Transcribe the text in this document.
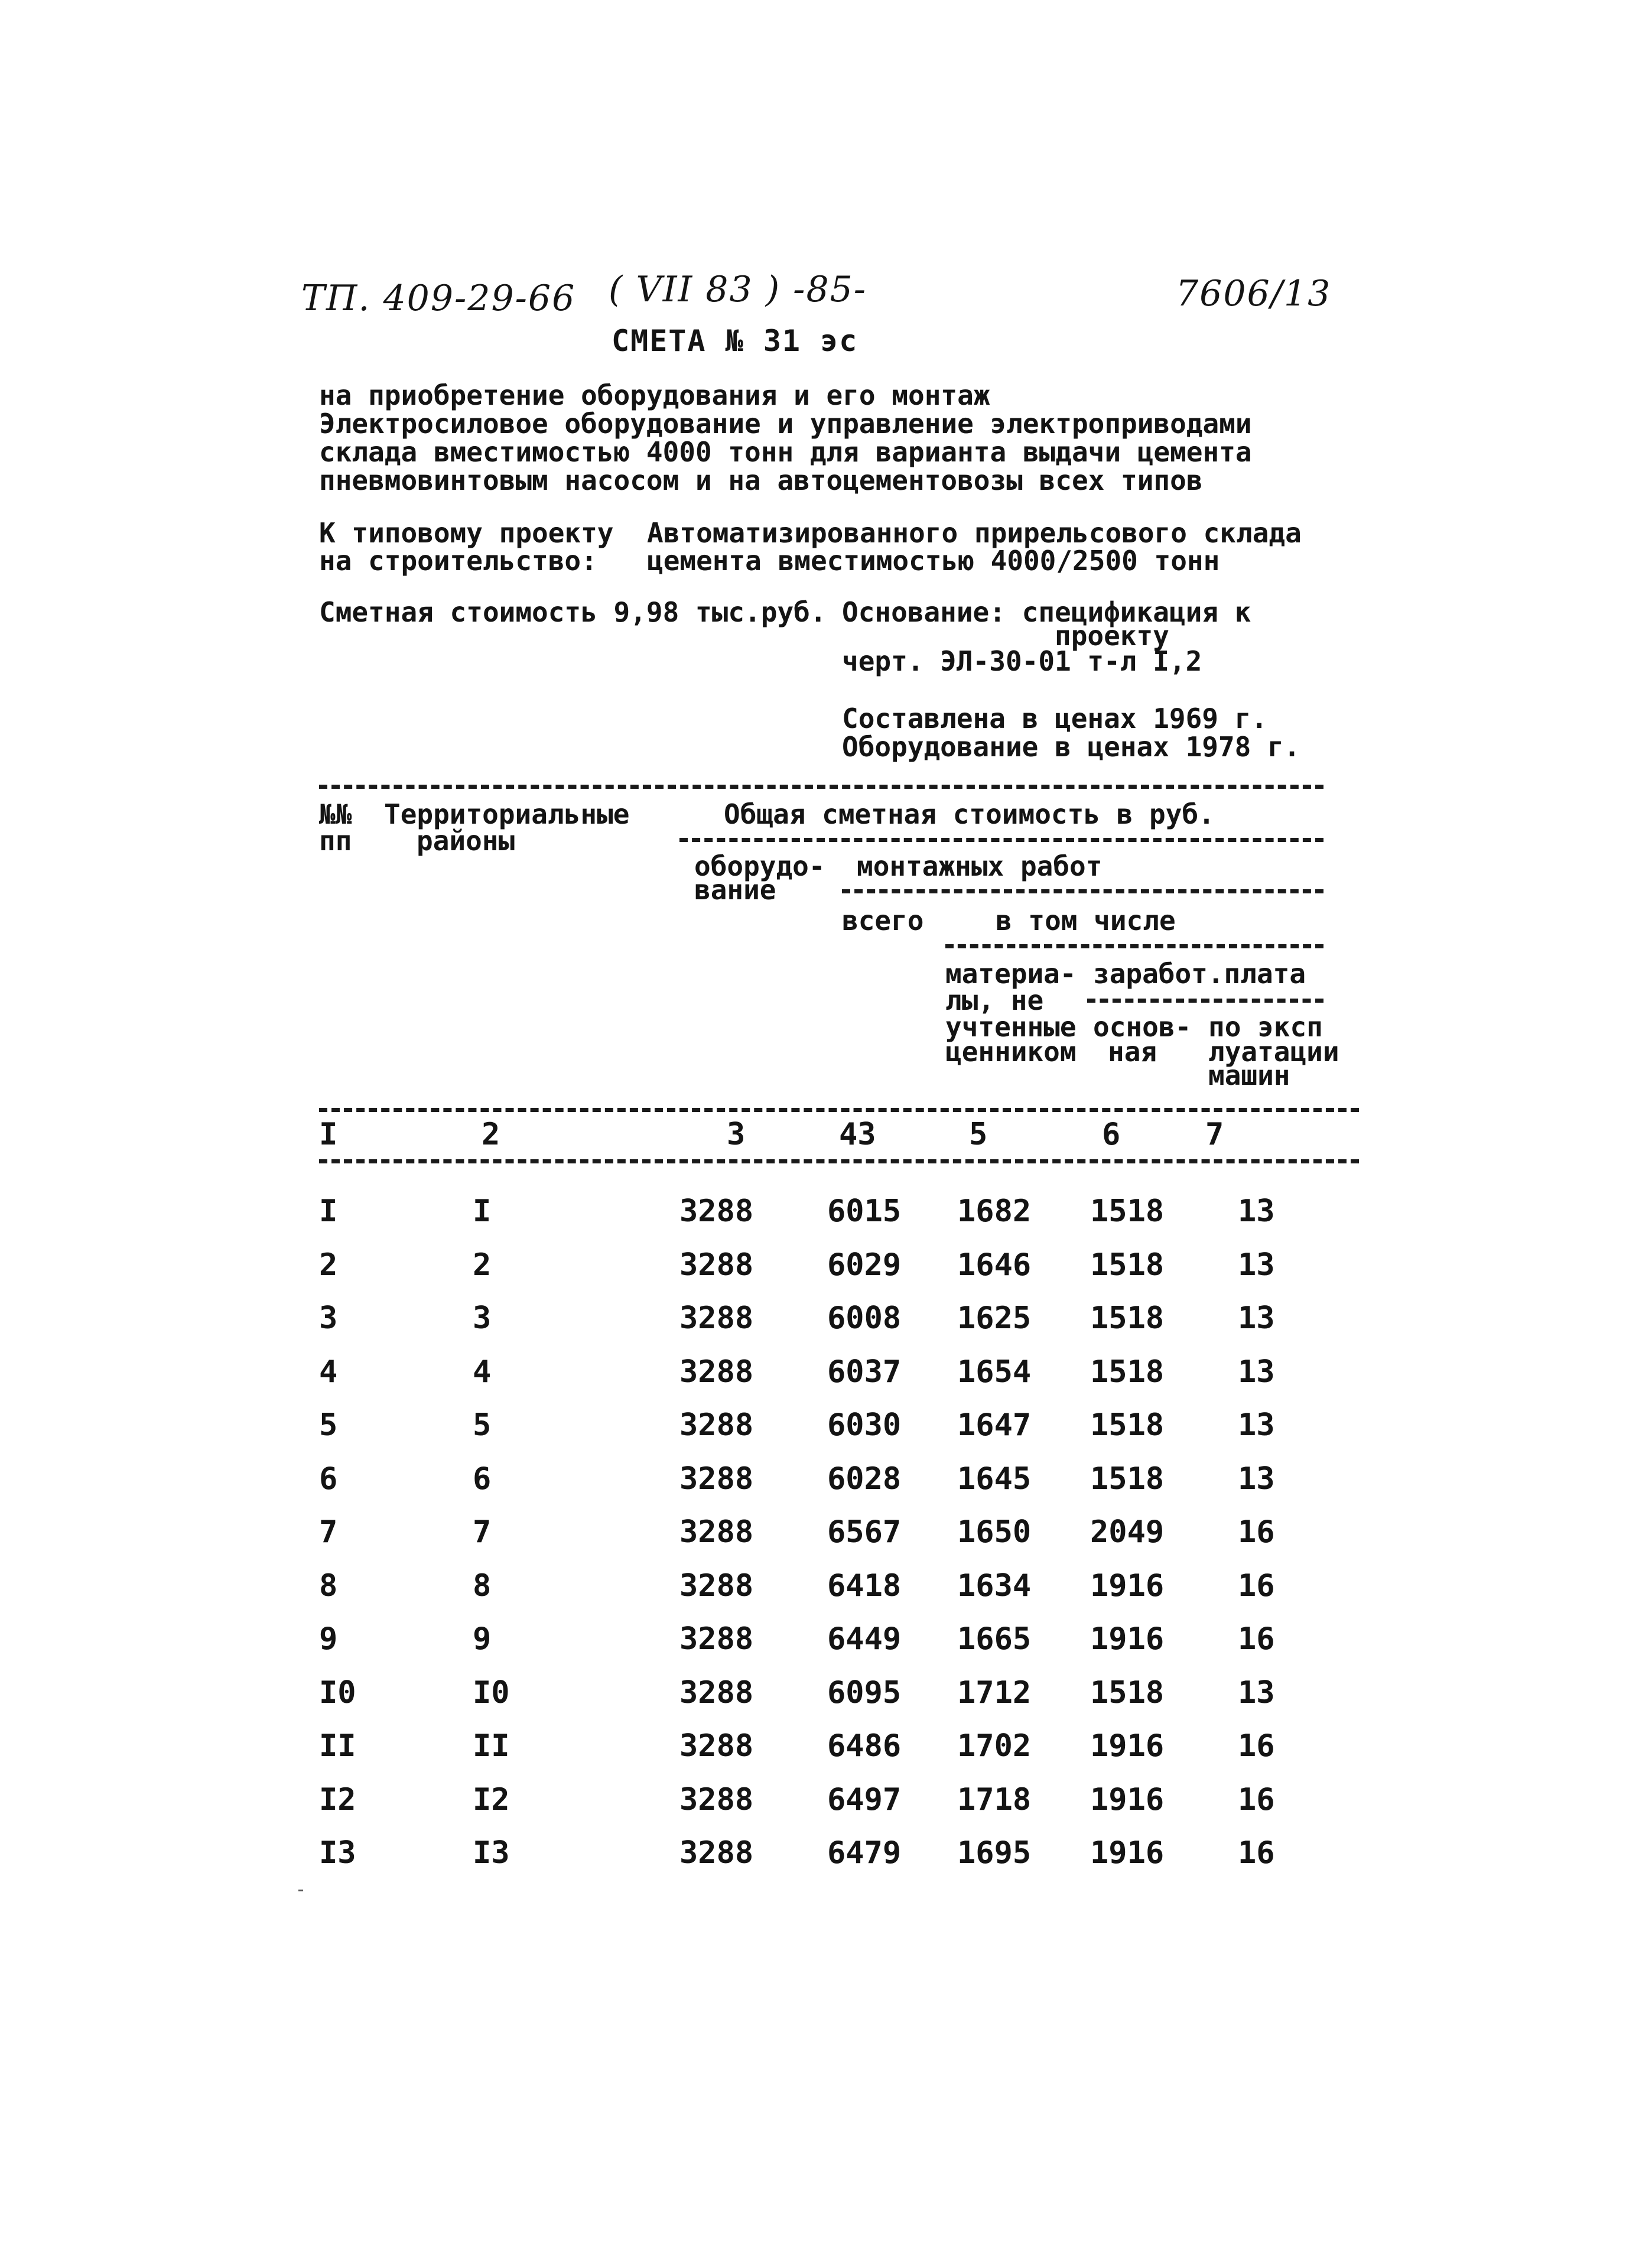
ТП. 409-29-66 ( VII 83 ) -85-	7606/13
СМЕТА № 31 эс
на приобретение оборудования и его монтаж
Электросиловое оборудование и управление электроприводами
склада вместимостью 4000 тонн для варианта выдачи цемента
пневмовинтовым насосом и на автоцементовозы всех типов
К типовому проекту
на строительство:
Автоматизированного прирельсового склада
цемента вместимостью 4000/2500 тонн
Сметная стоимость 9,98 тыс.руб. Основание: спецификация к
проекту
черт. ЭЛ-30-01 т-л I,2
Составлена в ценах 1969 г.
Оборудование в ценах 1978 г.
№№
пп
Территориальные
районы
Общая сметная стоимость в руб.
оборудо-
вание
монтажных работ
всего	в том числе
материа-
лы, не
учтенные
ценником
заработ.плата
основ-
ная
по эксп
луатации
машин
I	2	3	43	5	6	7
I	I	3288 6015 1682 1518 13
2	2	3288 6029 1646 1518 13
3	3	3288 6008 1625 1518 13
4	4	3288 6037 1654 1518 13
5	5	3288 6030 1647 1518 13
6	6	3288 6028 1645 1518 13
7	7	3288 6567 1650 2049 16
8	8	3288 6418 1634 1916 16
9	9	3288 6449 1665 1916 16
I0	I0	3288 6095 1712 1518 13
II	II	3288 6486 1702 1916 16
I2	I2	3288 6497 1718 1916 16
I3	I3	3288 6479 1695 1916 16
